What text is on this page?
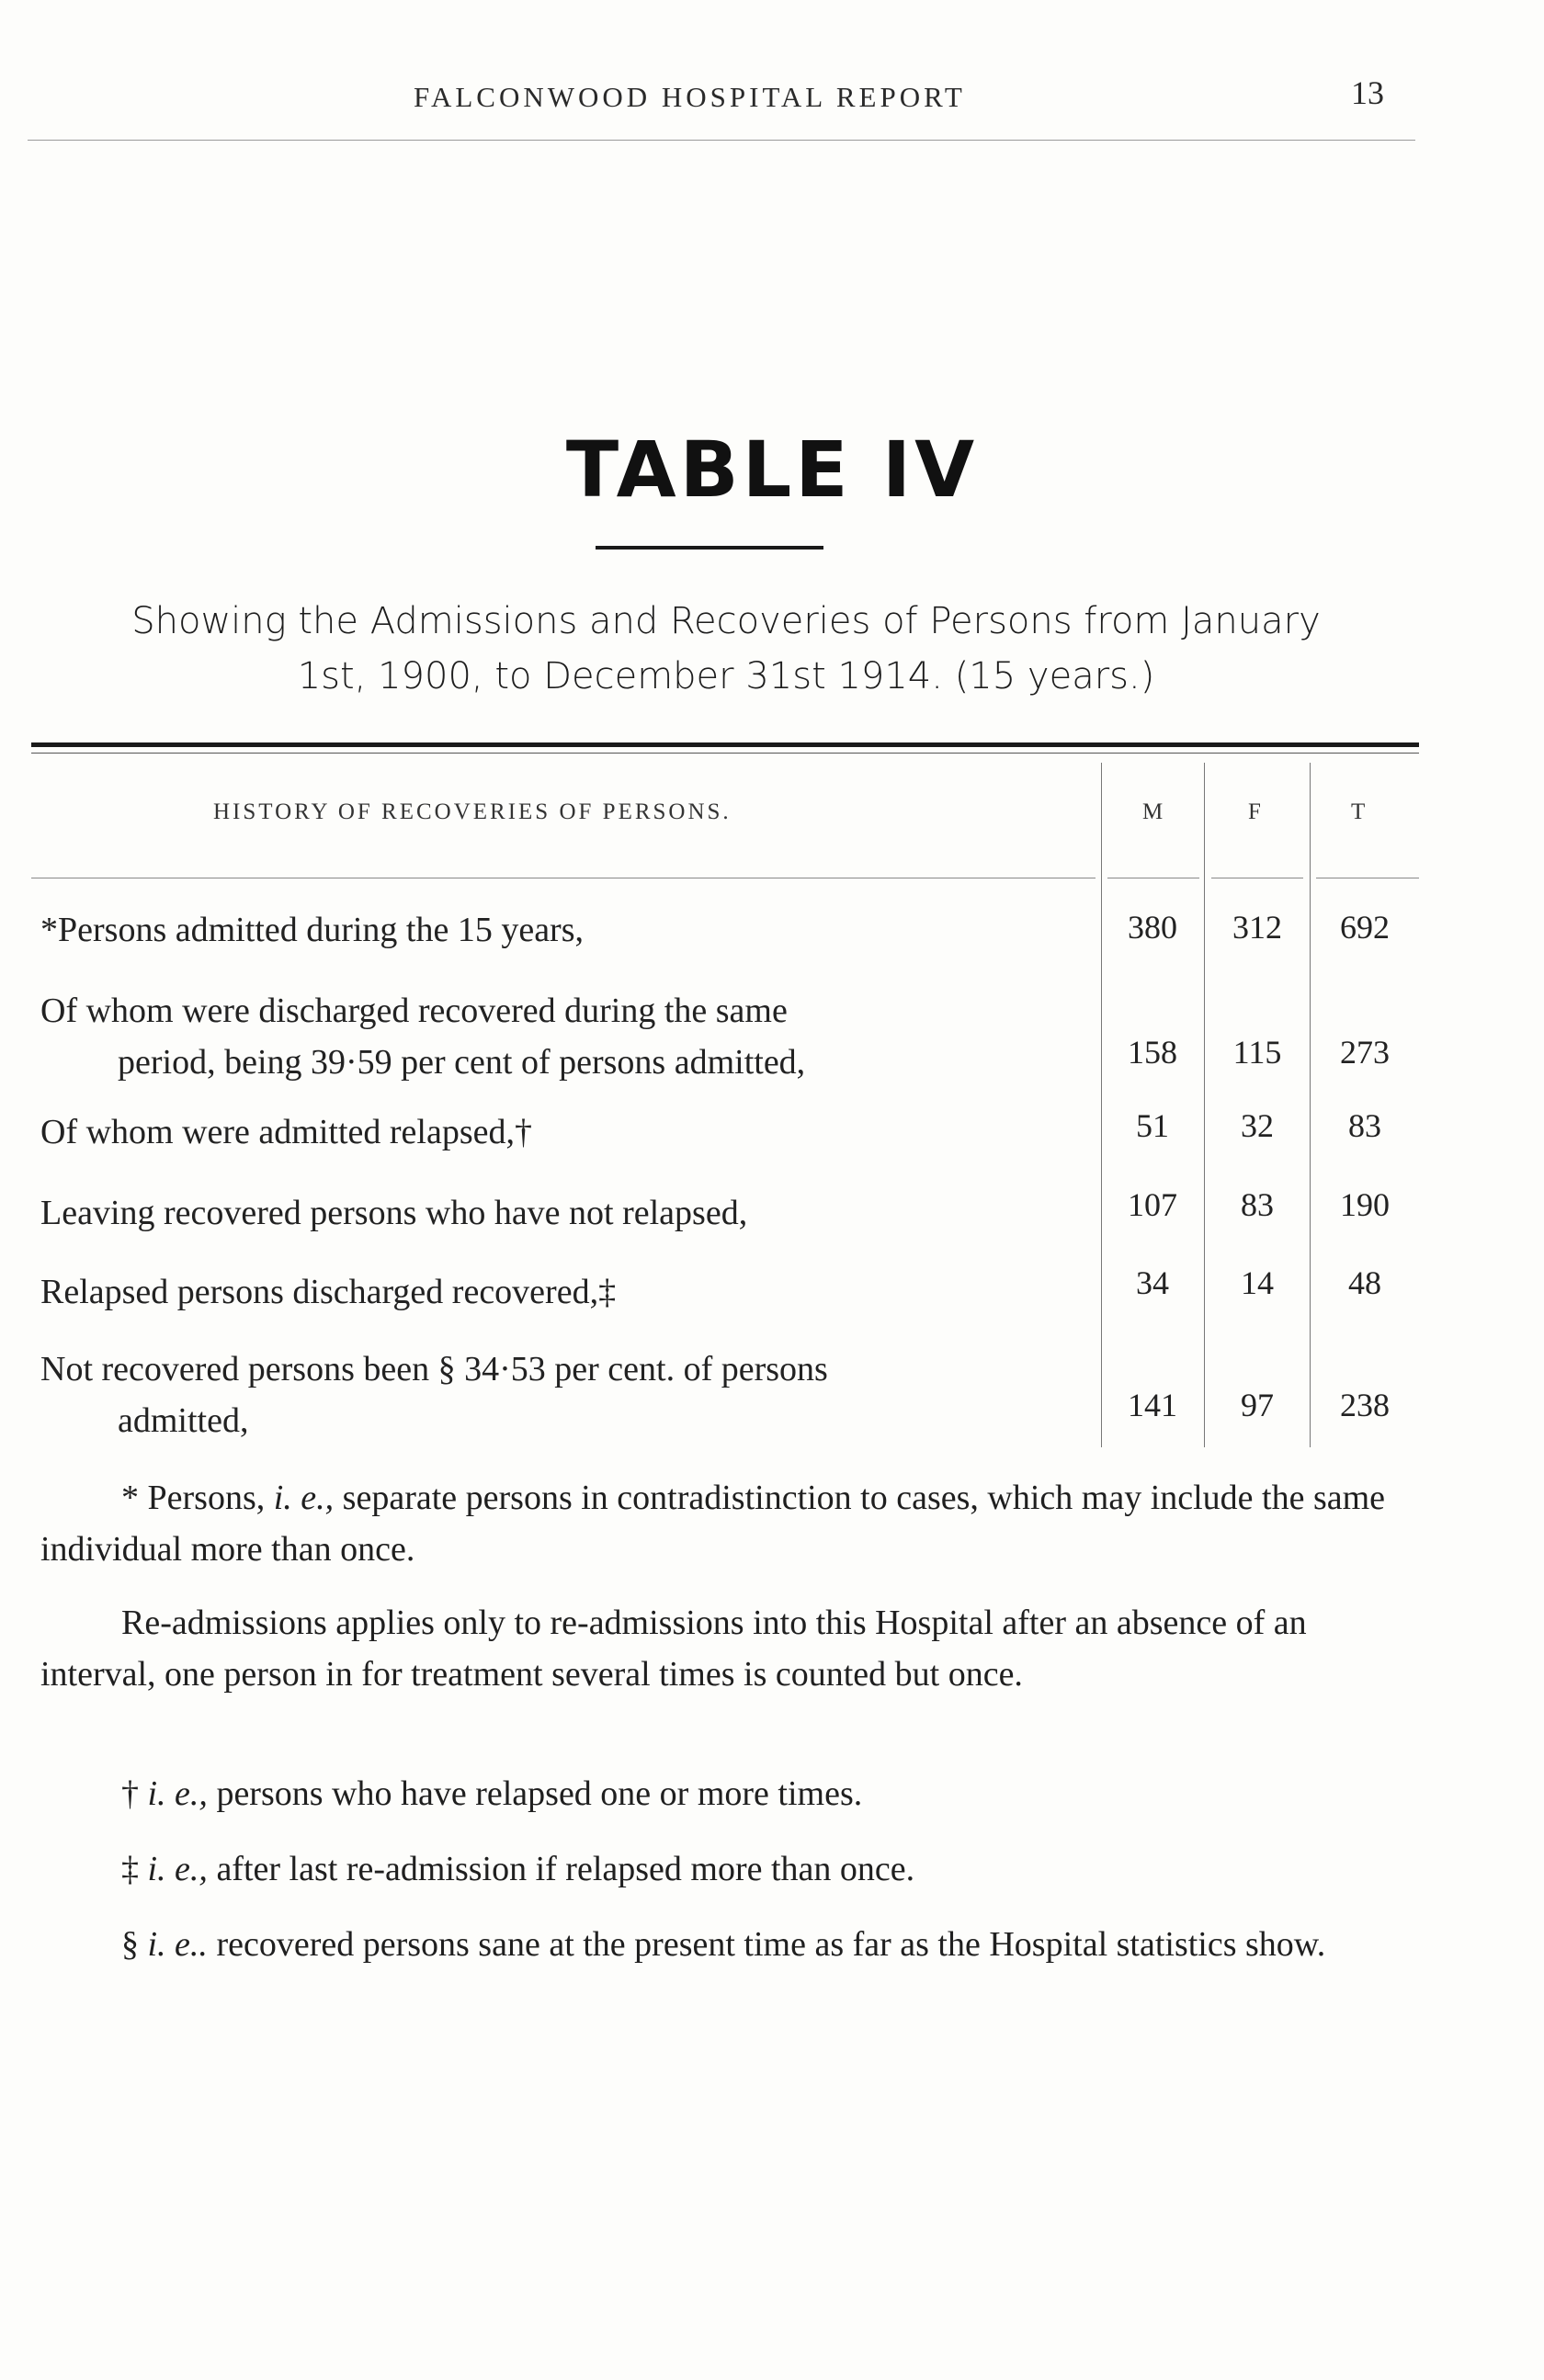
FALCONWOOD HOSPITAL REPORT	13
TABLE IV
Showing the Admissions and Recoveries of Persons from January
1st, 1900, to December 31st 1914. (15 years.)
HISTORY OF RECOVERIES OF PERSONS.	M	F	T
*Persons admitted during the 15 years,	380	312	692
Of whom were discharged recovered during the same
period, being 39·59 per cent of persons admitted,	158	115	273
Of whom were admitted relapsed,†	51	32	83
Leaving recovered persons who have not relapsed,	107	83	190
Relapsed persons discharged recovered,‡	34	14	48
Not recovered persons been § 34·53 per cent. of persons
admitted,	141	97	238
* Persons, i. e., separate persons in contradistinction to cases, which may include the same individual more than once.
Re-admissions applies only to re-admissions into this Hospital after an absence of an interval, one person in for treatment several times is counted but once.
† i. e., persons who have relapsed one or more times.
‡ i. e., after last re-admission if relapsed more than once.
§ i. e.. recovered persons sane at the present time as far as the Hospital statistics show.
